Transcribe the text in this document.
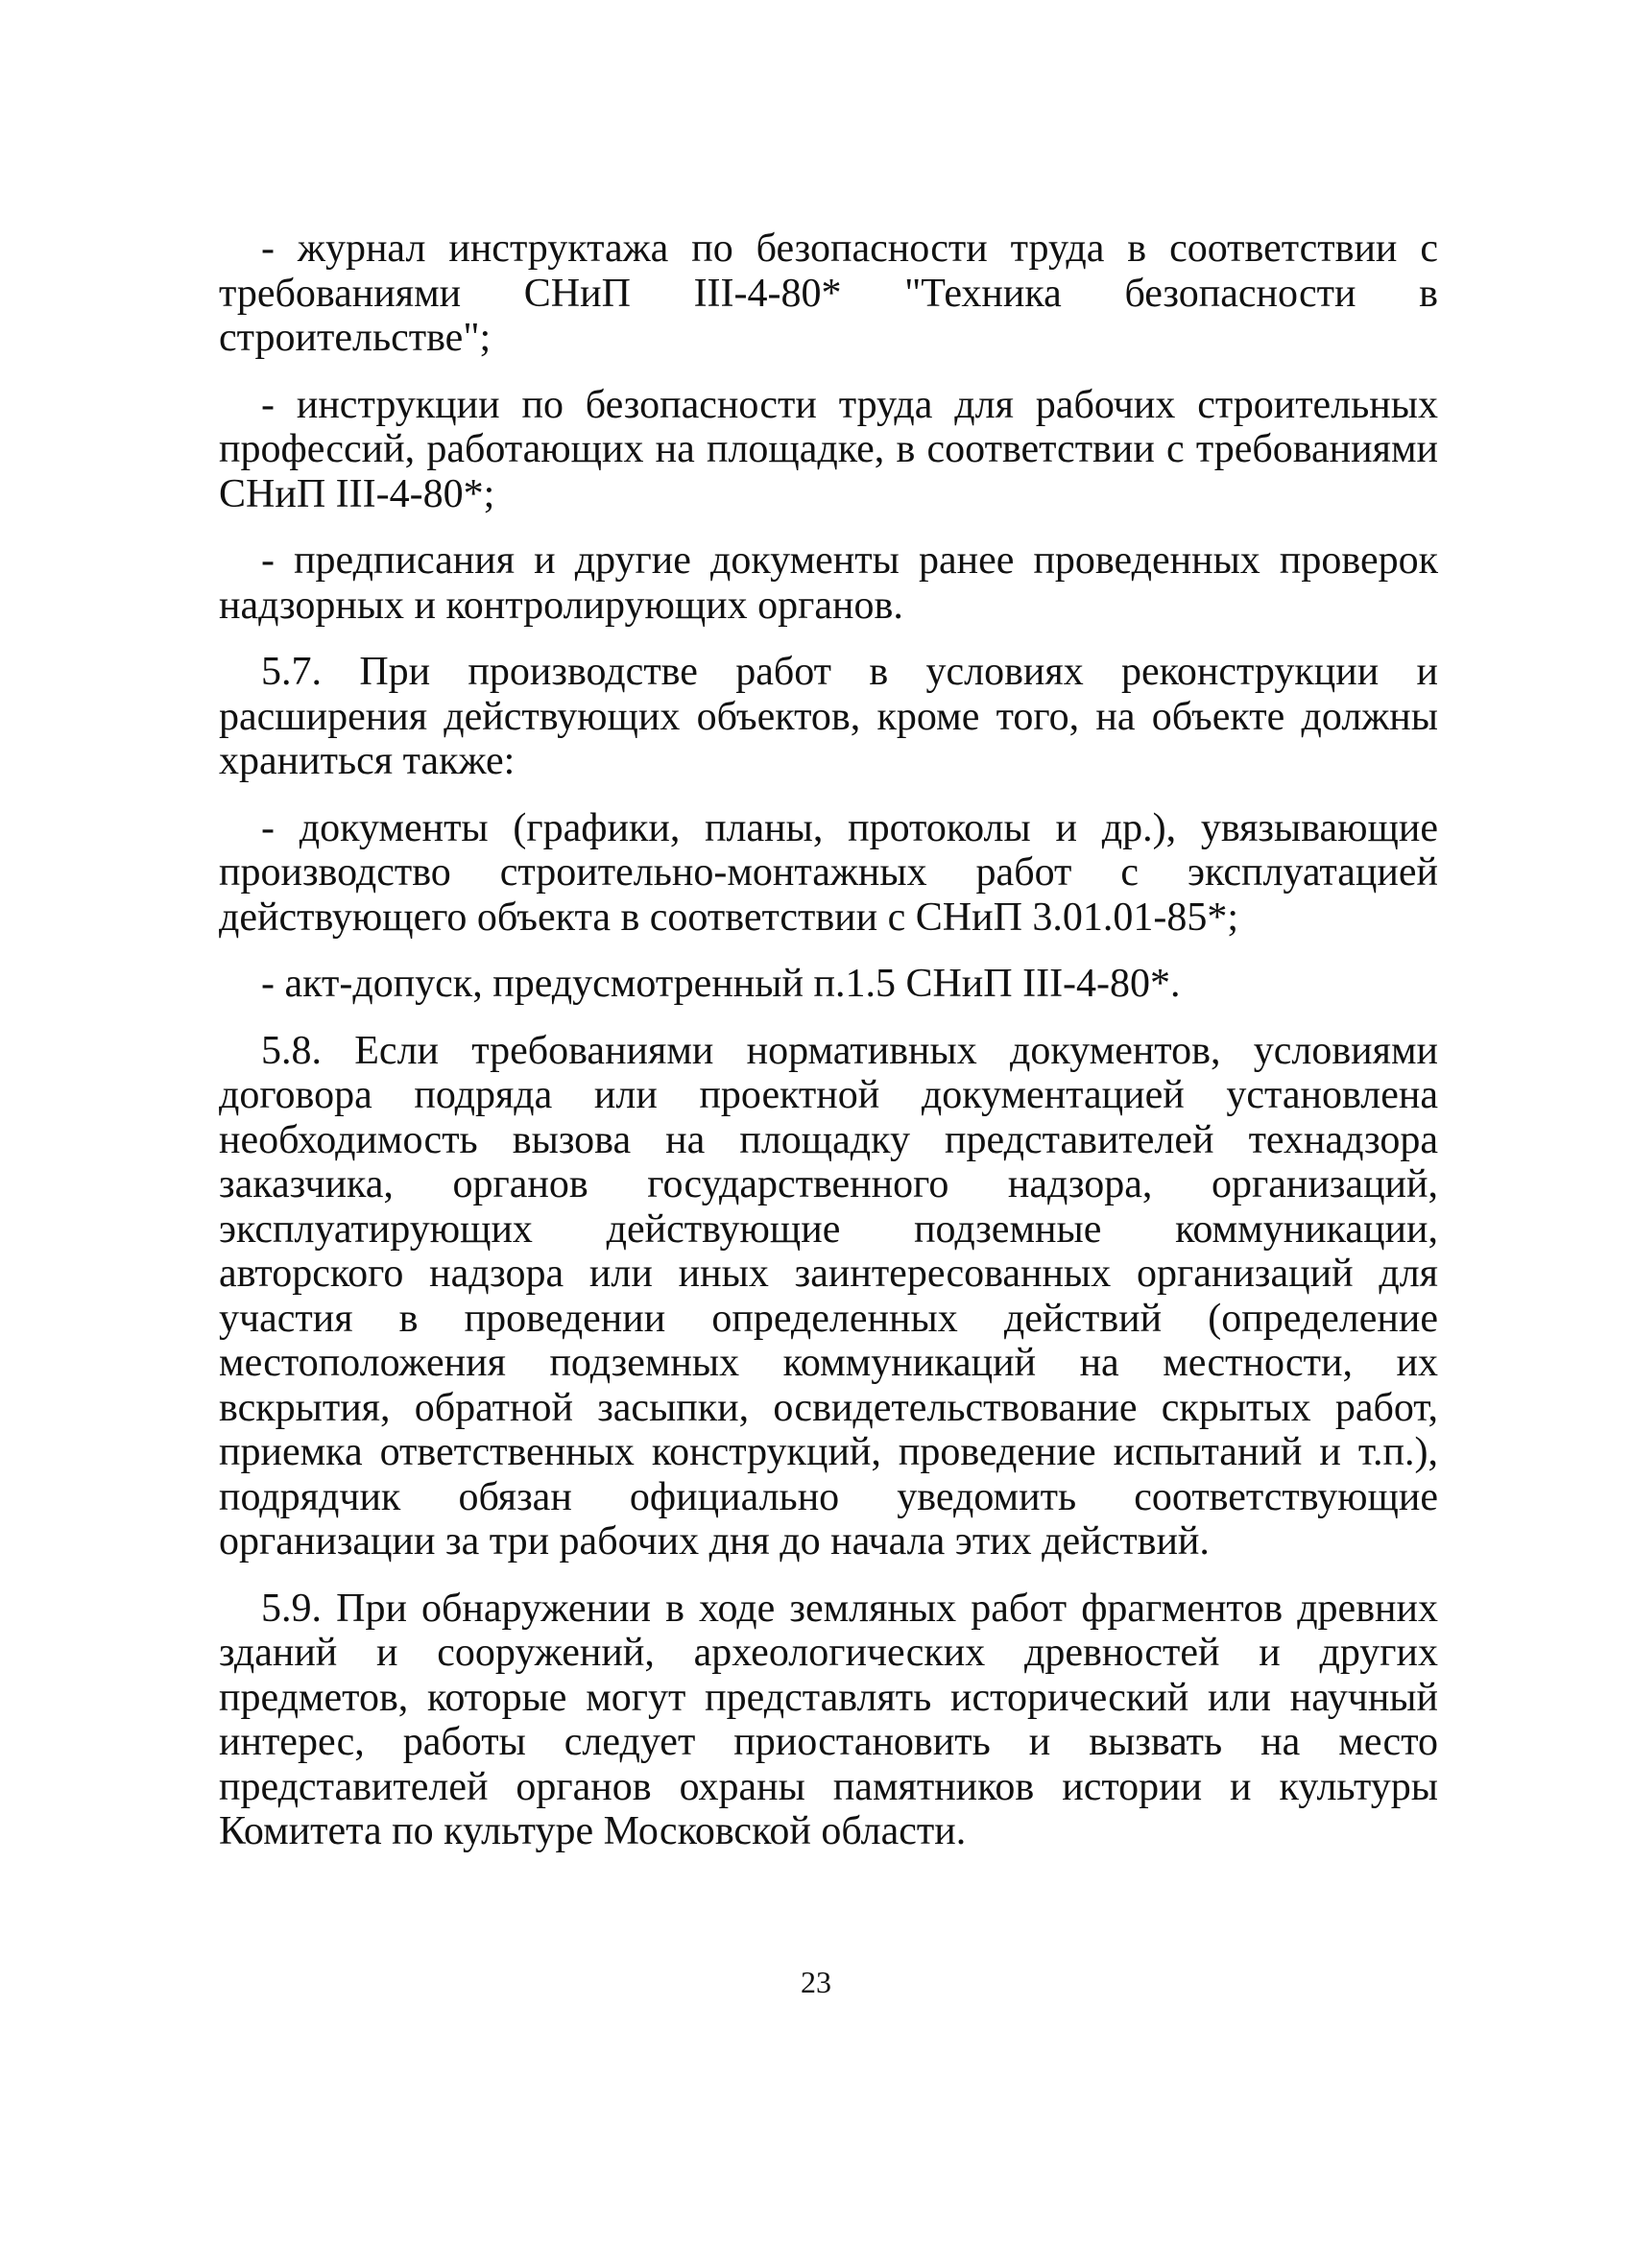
- журнал инструктажа по безопасности труда в соответствии с требованиями СНиП III-4-80* "Техника безопасности в строительстве";

- инструкции по безопасности труда для рабочих строительных профессий, работающих на площадке, в соответствии с требованиями СНиП III-4-80*;

- предписания и другие документы ранее проведенных проверок надзорных и контролирующих органов.

5.7. При производстве работ в условиях реконструкции и расширения действующих объектов, кроме того, на объекте должны храниться также:

- документы (графики, планы, протоколы и др.), увязывающие производство строительно-монтажных работ с эксплуатацией действующего объекта в соответствии с СНиП 3.01.01-85*;

- акт-допуск, предусмотренный п.1.5 СНиП III-4-80*.

5.8. Если требованиями нормативных документов, условиями договора подряда или проектной документацией установлена необходимость вызова на площадку представителей технадзора заказчика, органов государственного надзора, организаций, эксплуатирующих действующие подземные коммуникации, авторского надзора или иных заинтересованных организаций для участия в проведении определенных действий (определение местоположения подземных коммуникаций на местности, их вскрытия, обратной засыпки, освидетельствование скрытых работ, приемка ответственных конструкций, проведение испытаний и т.п.), подрядчик обязан официально уведомить соответствующие организации за три рабочих дня до начала этих действий.

5.9. При обнаружении в ходе земляных работ фрагментов древних зданий и сооружений, археологических древностей и других предметов, которые могут представлять исторический или научный интерес, работы следует приостановить и вызвать на место представителей органов охраны памятников истории и культуры Комитета по культуре Московской области.

23
